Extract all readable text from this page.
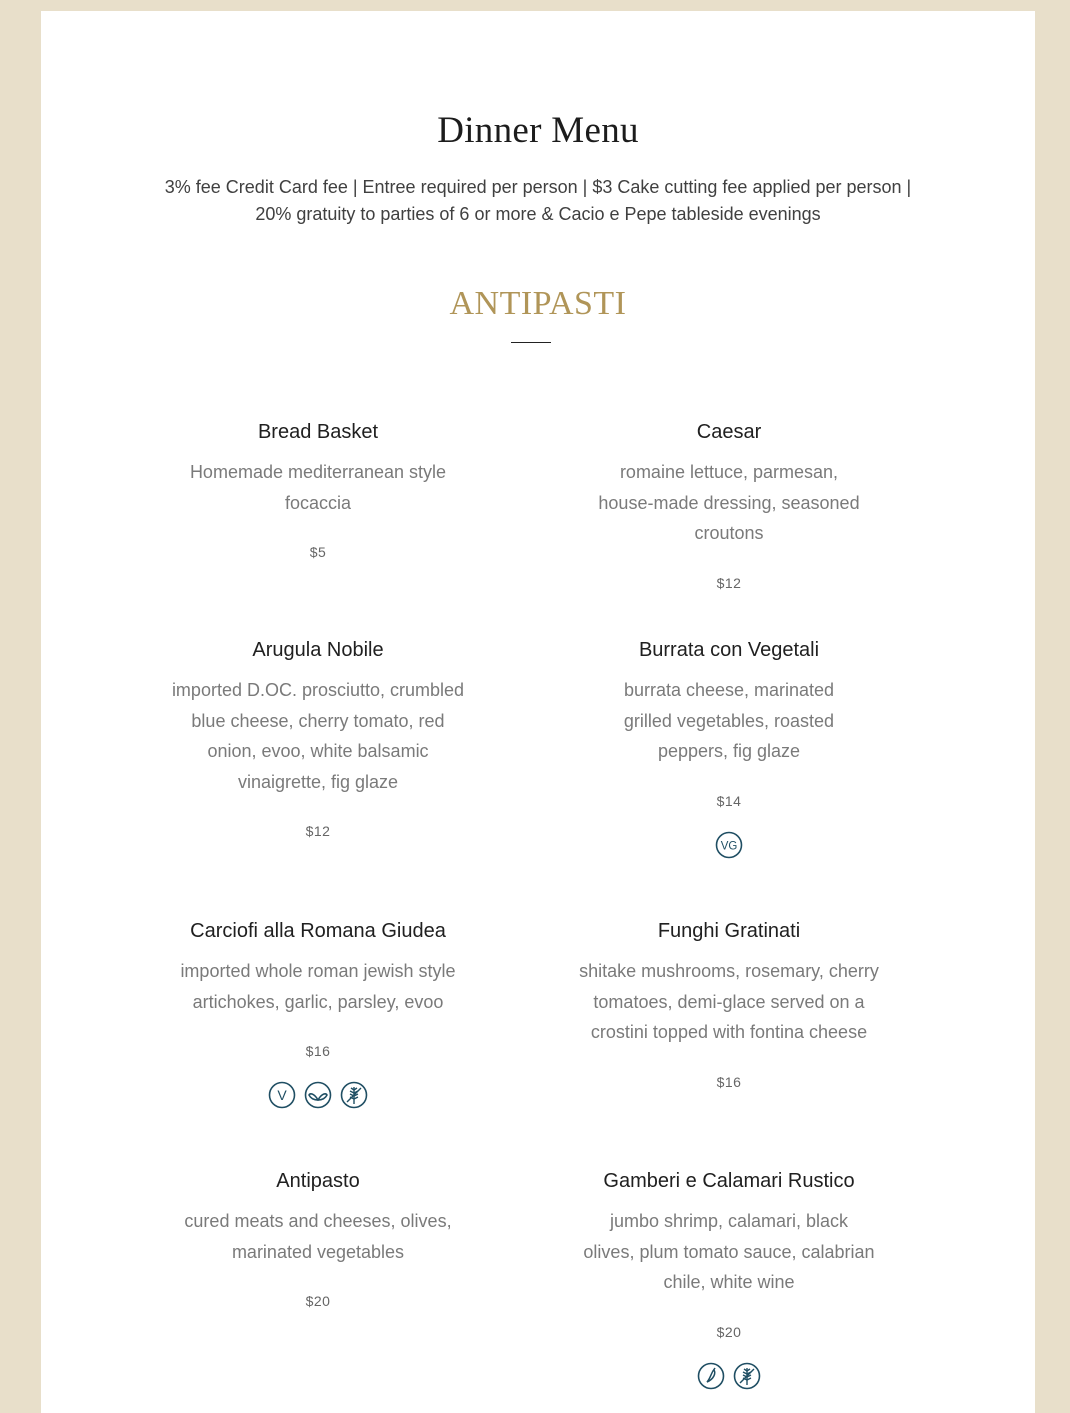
Dinner Menu
3% fee Credit Card fee | Entree required per person | $3 Cake cutting fee applied per person |
20% gratuity to parties of 6 or more & Cacio e Pepe tableside evenings
ANTIPASTI
Bread Basket

Homemade mediterranean style focaccia

$5

Caesar

romaine lettuce, parmesan, house-made dressing, seasoned croutons

$12

Arugula Nobile

imported D.OC. prosciutto, crumbled blue cheese, cherry tomato, red onion, evoo, white balsamic vinaigrette, fig glaze

$12

Burrata con Vegetali

burrata cheese, marinated grilled vegetables, roasted peppers, fig glaze

$14

VG
Carciofi alla Romana Giudea

imported whole roman jewish style artichokes, garlic, parsley, evoo

$16

V
Funghi Gratinati

shitake mushrooms, rosemary, cherry tomatoes, demi-glace served on a crostini topped with fontina cheese

$16

Antipasto

cured meats and cheeses, olives, marinated vegetables

$20

Gamberi e Calamari Rustico

jumbo shrimp, calamari, black olives, plum tomato sauce, calabrian chile, white wine

$20
